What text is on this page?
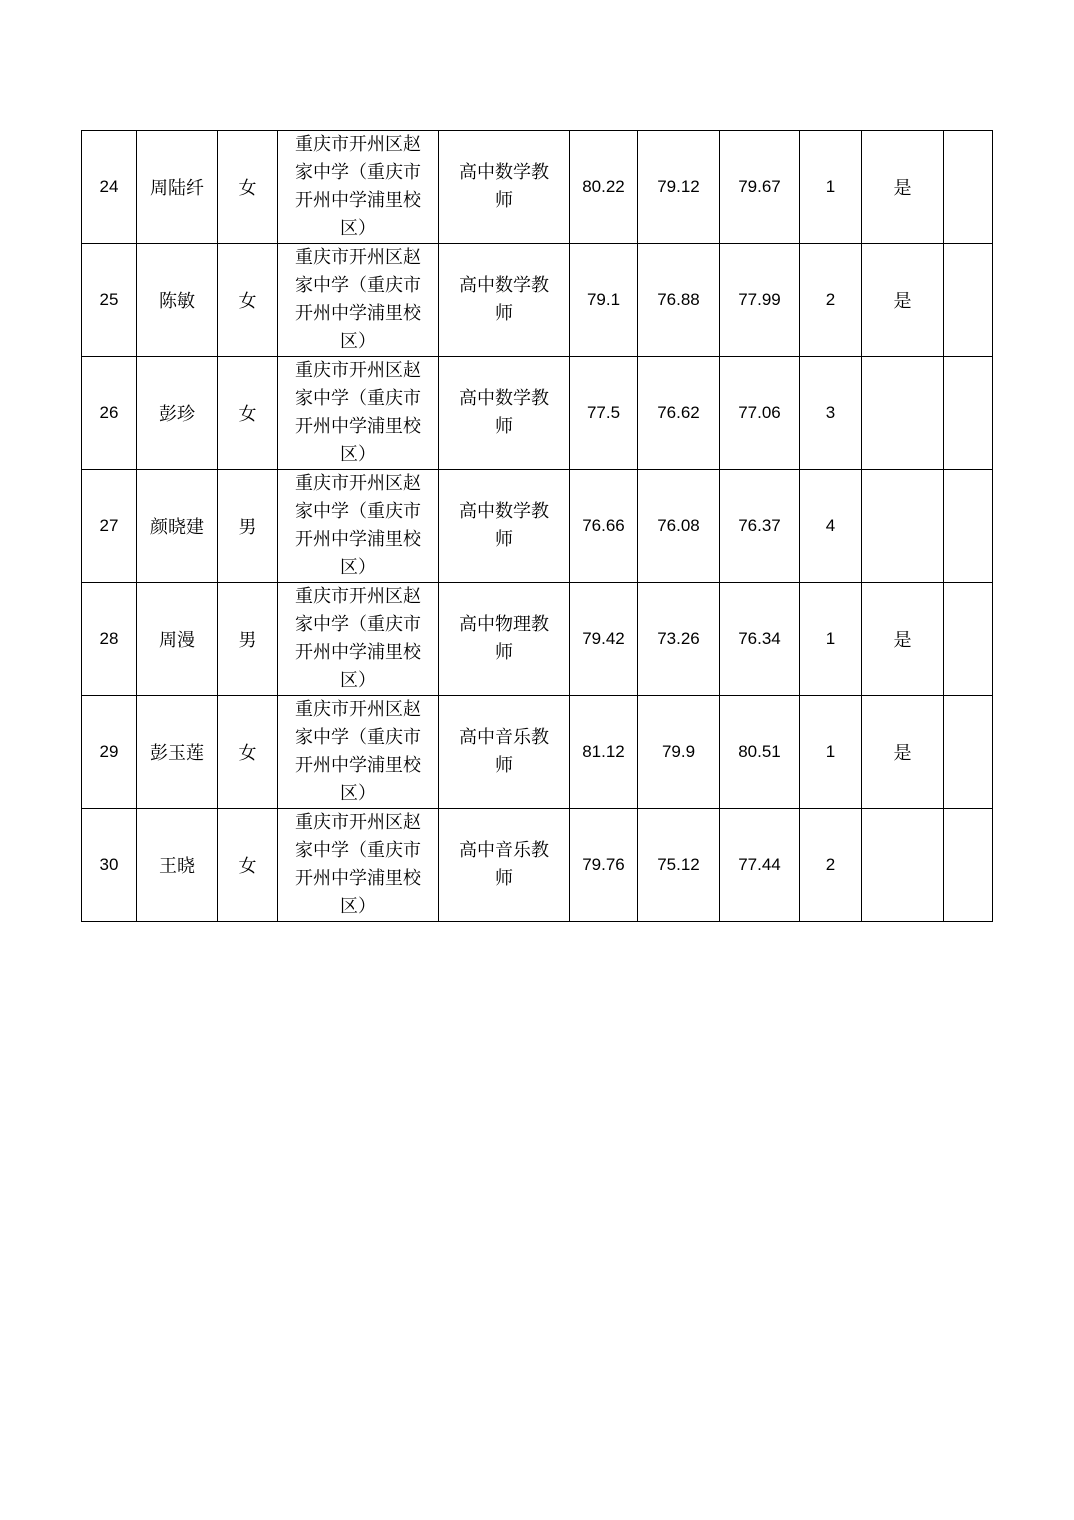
24	周陆纤	女	重庆市开州区赵家中学（重庆市开州中学浦里校区）	高中数学教师	80.22	79.12	79.67	1	是	
25	陈敏	女	重庆市开州区赵家中学（重庆市开州中学浦里校区）	高中数学教师	79.1	76.88	77.99	2	是	
26	彭珍	女	重庆市开州区赵家中学（重庆市开州中学浦里校区）	高中数学教师	77.5	76.62	77.06	3		
27	颜晓建	男	重庆市开州区赵家中学（重庆市开州中学浦里校区）	高中数学教师	76.66	76.08	76.37	4		
28	周漫	男	重庆市开州区赵家中学（重庆市开州中学浦里校区）	高中物理教师	79.42	73.26	76.34	1	是	
29	彭玉莲	女	重庆市开州区赵家中学（重庆市开州中学浦里校区）	高中音乐教师	81.12	79.9	80.51	1	是	
30	王晓	女	重庆市开州区赵家中学（重庆市开州中学浦里校区）	高中音乐教师	79.76	75.12	77.44	2		
